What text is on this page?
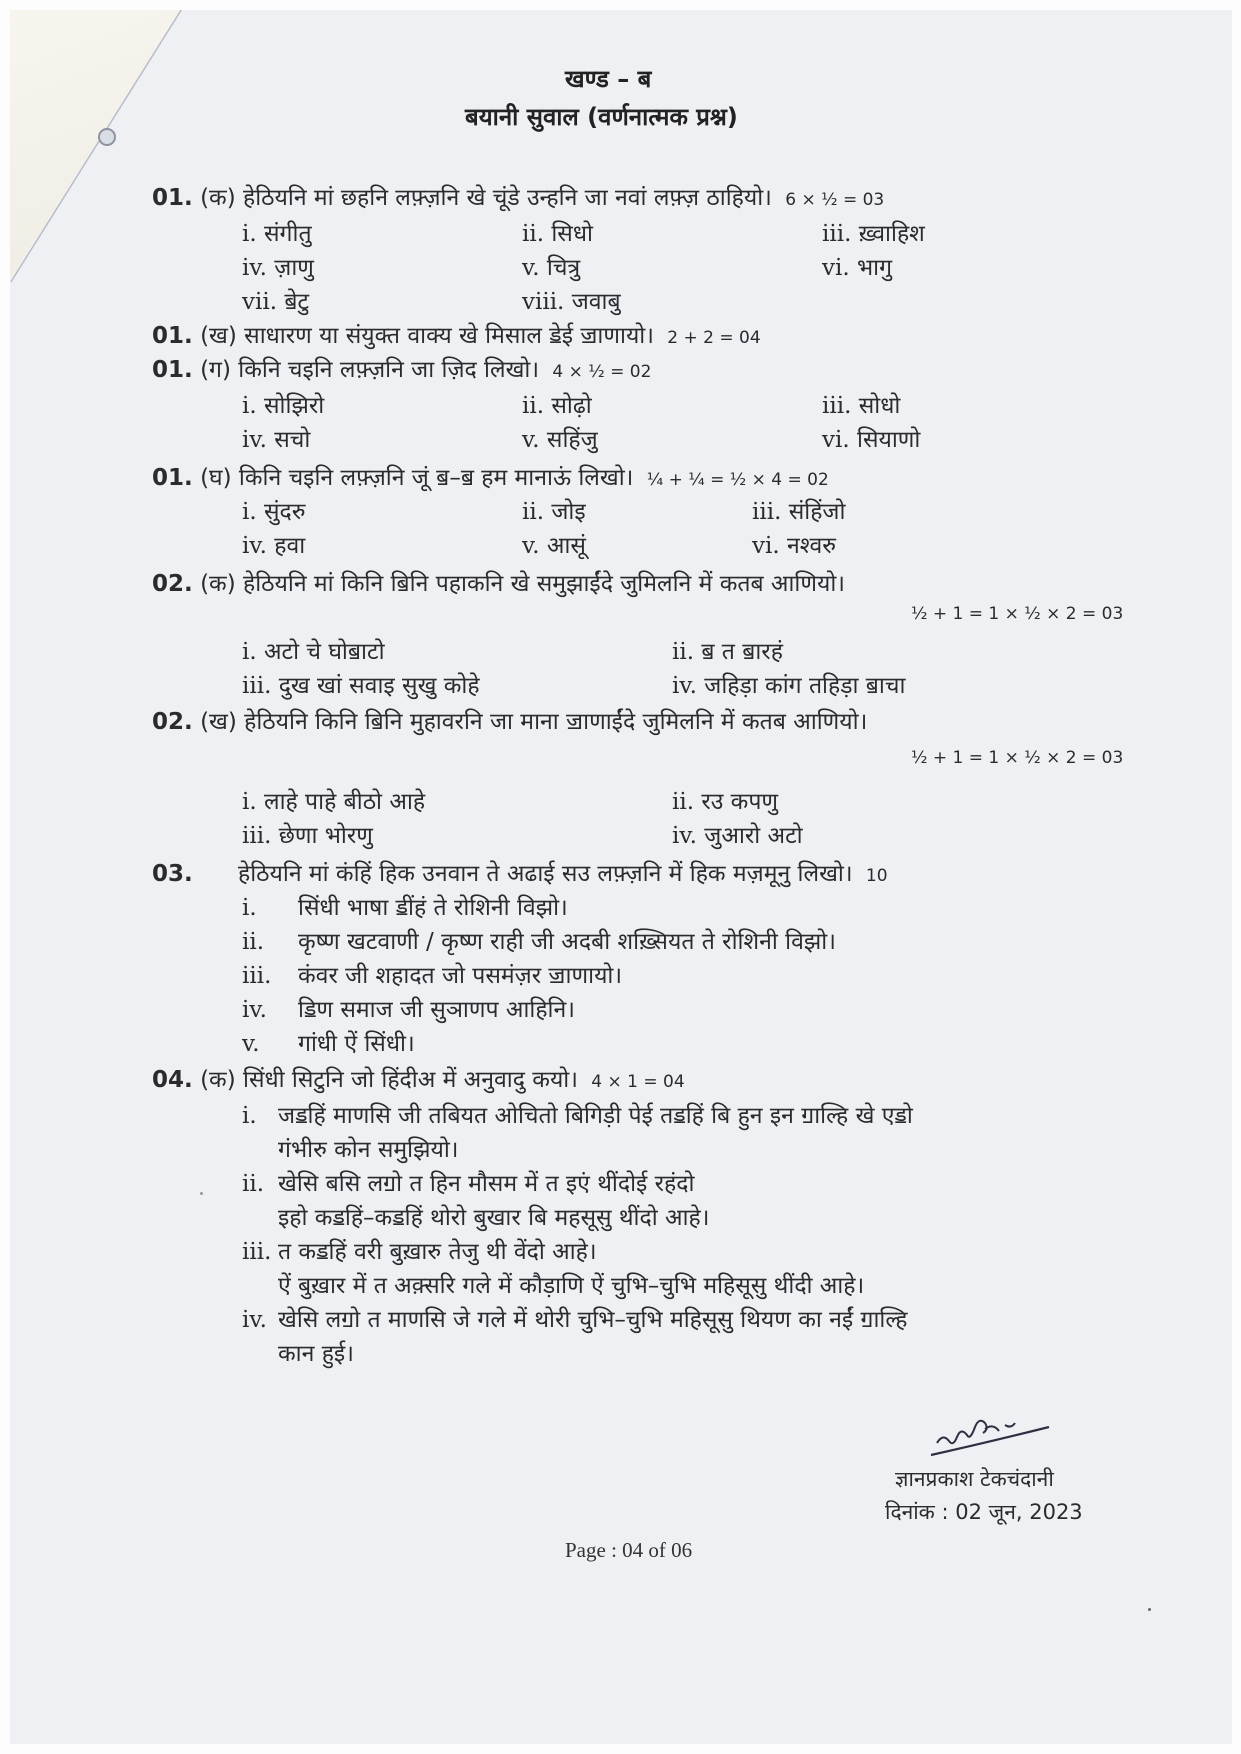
खण्ड – ब
बयानी सुवाल (वर्णनात्मक प्रश्न)
01. (क) हेठियनि मां छहनि लफ़्ज़नि खे चूंडे उन्हनि जा नवां लफ़्ज़ ठाहियो। 6 × ½ = 03
i. संगीतु	ii. सिधो	iii. ख़्वाहिश
iv. ज़ाणु	v. चित्रु	vi. भागु
vii. ॿेटु	viii. जवाबु
01. (ख) साधारण या संयुक्त वाक्य खे मिसाल ॾेई ॼाणायो। 2 + 2 = 04
01. (ग) किनि चइनि लफ़्ज़नि जा ज़िद लिखो। 4 × ½ = 02
i. सोझिरो	ii. सोढ़ो	iii. सोधो
iv. सचो	v. सहिंजु	vi. सियाणो
01. (घ) किनि चइनि लफ़्ज़नि जूं ॿ–ॿ हम मानाऊं लिखो। ¼ + ¼ = ½ × 4 = 02
i. सुंदरु	ii. जोइ	iii. संहिंजो
iv. हवा	v. आसूं	vi. नश्वरु
02. (क) हेठियनि मां किनि ॿिनि पहाकनि खे समुझाईंदे जुमिलनि में कतब आणियो।
½ + 1 = 1 × ½ × 2 = 03
i. अटो चे घोॿाटो	ii. ॿ त ॿारहं
iii. दुख खां सवाइ सुखु कोहे	iv. जहिड़ा कांग तहिड़ा ॿाचा
02. (ख) हेठियनि किनि ॿिनि मुहावरनि जा माना ॼाणाईंदे जुमिलनि में कतब आणियो।
½ + 1 = 1 × ½ × 2 = 03
i. लाहे पाहे बीठो आहे	ii. रउ कपणु
iii. छेणा भोरणु	iv. जुआरो अटो
03. हेठियनि मां कंहिं हिक उनवान ते अढाई सउ लफ़्ज़नि में हिक मज़मूनु लिखो। 10
i. सिंधी भाषा ॾींहं ते रोशिनी विझो।
ii. कृष्ण खटवाणी / कृष्ण राही जी अदबी शख़्सियत ते रोशिनी विझो।
iii. कंवर जी शहादत जो पसमंज़र ॼाणायो।
iv. ॾिण समाज जी सुञाणप आहिनि।
v. गांधी ऐं सिंधी।
04. (क) सिंधी सिटुनि जो हिंदीअ में अनुवादु कयो। 4 × 1 = 04
i. जॾहिं माणसि जी तबियत ओचितो बिगिड़ी पेई तॾहिं बि हुन इन ॻाल्हि खे एॾो
गंभीरु कोन समुझियो।
ii. खेसि बसि लॻो त हिन मौसम में त इएं थींदोई रहंदो
इहो कॾहिं–कॾहिं थोरो बुखार बि महसूसु थींदो आहे।
iii. त कॾहिं वरी बुख़ारु तेजु थी वेंदो आहे।
ऐं बुख़ार में त अक़्सरि गले में कौड़ाणि ऐं चुभि–चुभि महिसूसु थींदी आहे।
iv. खेसि लॻो त माणसि जे गले में थोरी चुभि–चुभि महिसूसु थियण का नईं ॻाल्हि
कान हुई।
ज्ञानप्रकाश टेकचंदानी
दिनांक : 02 जून, 2023
Page : 04 of 06
